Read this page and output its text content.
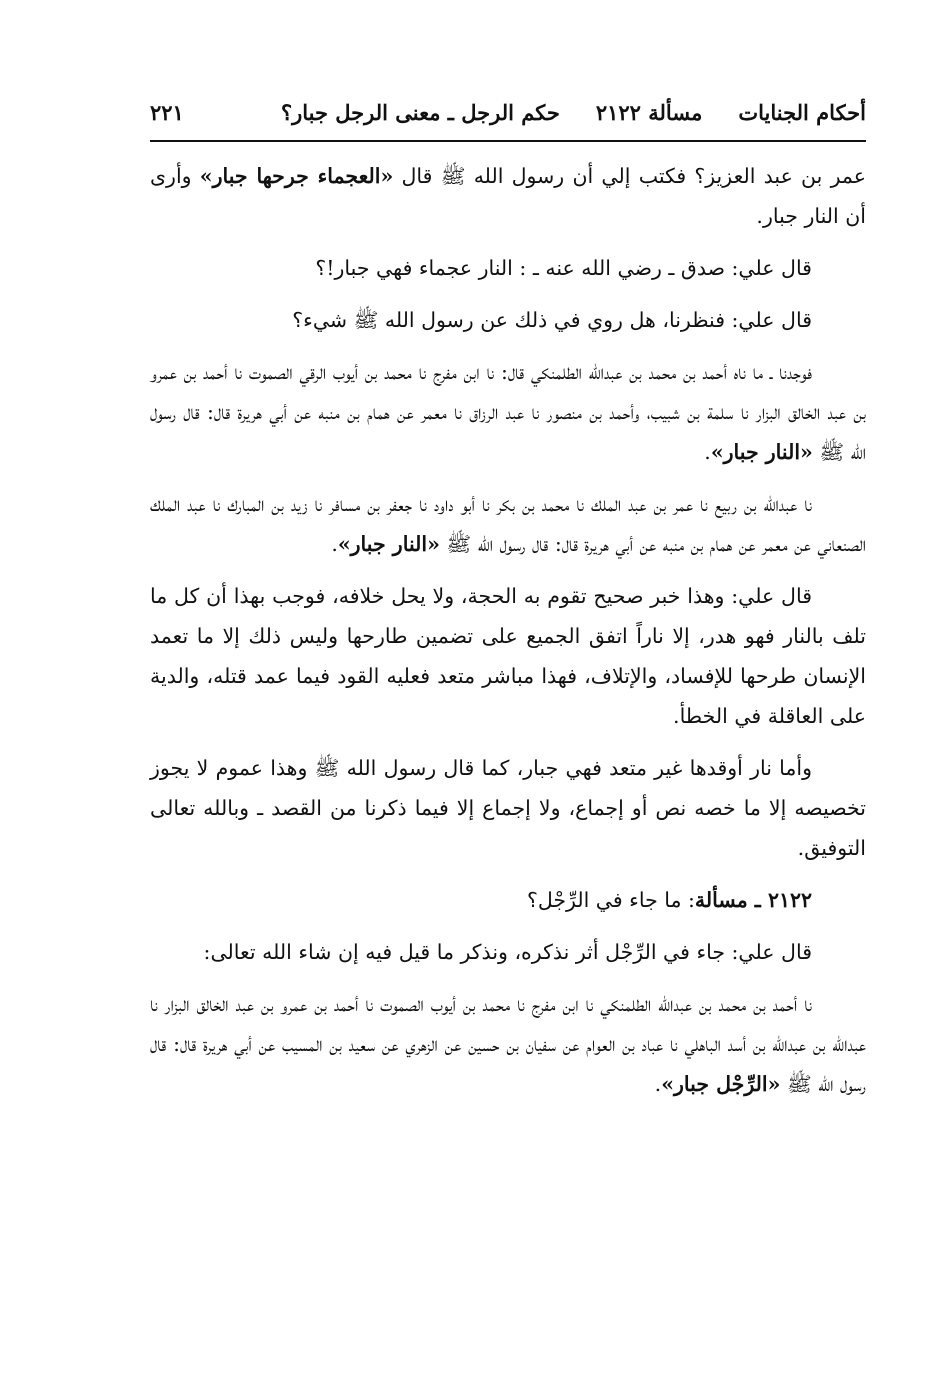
أحكام الجنايات
مسألة ٢١٢٢
حكم الرجل ـ معنى الرجل جبار؟
٢٢١

عمر بن عبد العزيز؟ فكتب إلي أن رسول الله ﷺ قال «العجماء جرحها جبار» وأرى أن النار جبار.

قال علي: صدق ـ رضي الله عنه ـ : النار عجماء فهي جبار!؟

قال علي: فنظرنا، هل روي في ذلك عن رسول الله ﷺ شيء؟

فوجدنا ـ ما ناه أحمد بن محمد بن عبدالله الطلمنكي قال: نا ابن مفرج نا محمد بن أيوب الرقي الصموت نا أحمد بن عمرو بن عبد الخالق البزار نا سلمة بن شبيب، وأحمد بن منصور نا عبد الرزاق نا معمر عن همام بن منبه عن أبي هريرة قال: قال رسول الله ﷺ «النار جبار».

نا عبدالله بن ربيع نا عمر بن عبد الملك نا محمد بن بكر نا أبو داود نا جعفر بن مسافر نا زيد بن المبارك نا عبد الملك الصنعاني عن معمر عن همام بن منبه عن أبي هريرة قال: قال رسول الله ﷺ «النار جبار».

قال علي: وهذا خبر صحيح تقوم به الحجة، ولا يحل خلافه، فوجب بهذا أن كل ما تلف بالنار فهو هدر، إلا ناراً اتفق الجميع على تضمين طارحها وليس ذلك إلا ما تعمد الإنسان طرحها للإفساد، والإتلاف، فهذا مباشر متعد فعليه القود فيما عمد قتله، والدية على العاقلة في الخطأ.

وأما نار أوقدها غير متعد فهي جبار، كما قال رسول الله ﷺ وهذا عموم لا يجوز تخصيصه إلا ما خصه نص أو إجماع، ولا إجماع إلا فيما ذكرنا من القصد ـ وبالله تعالى التوفيق.

٢١٢٢ ـ مسألة: ما جاء في الرِّجْل؟

قال علي: جاء في الرِّجْل أثر نذكره، ونذكر ما قيل فيه إن شاء الله تعالى:

نا أحمد بن محمد بن عبدالله الطلمنكي نا ابن مفرج نا محمد بن أيوب الصموت نا أحمد بن عمرو بن عبد الخالق البزار نا عبدالله بن عبدالله بن أسد الباهلي نا عباد بن العوام عن سفيان بن حسين عن الزهري عن سعيد بن المسيب عن أبي هريرة قال: قال رسول الله ﷺ «الرِّجْل جبار».
